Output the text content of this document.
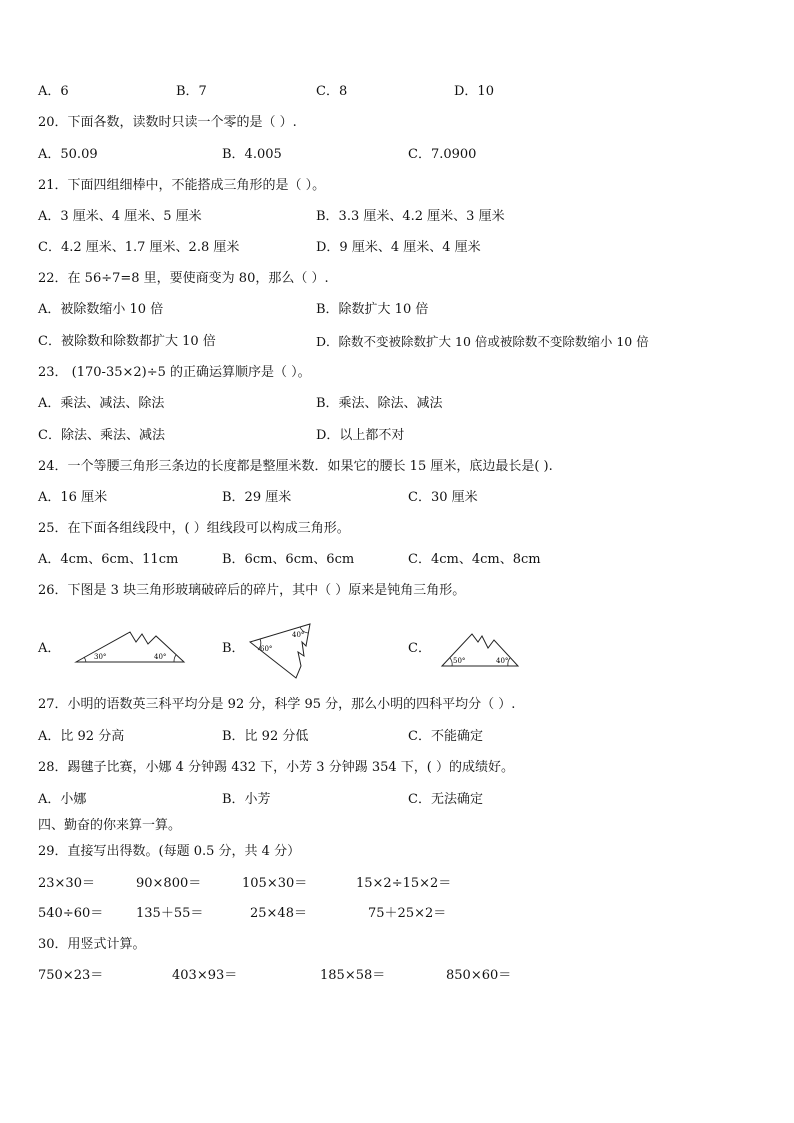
A．6	B．7	C．8	D．10
20．下面各数，读数时只读一个零的是（ ）.
A．50.09	B．4.005	C．7.0900
21．下面四组细棒中，不能搭成三角形的是（ ）。
A．3 厘米、4 厘米、5 厘米	B．3.3 厘米、4.2 厘米、3 厘米
C．4.2 厘米、1.7 厘米、2.8 厘米	D．9 厘米、4 厘米、4 厘米
22．在 56÷7=8 里，要使商变为 80，那么（ ）.
A．被除数缩小 10 倍	B．除数扩大 10 倍
C．被除数和除数都扩大 10 倍	D．除数不变被除数扩大 10 倍或被除数不变除数缩小 10 倍
23． (170-35×2)÷5 的正确运算顺序是（ ）。
A．乘法、减法、除法	B．乘法、除法、减法
C．除法、乘法、减法	D．以上都不对
24．一个等腰三角形三条边的长度都是整厘米数．如果它的腰长 15 厘米，底边最长是( ).
A．16 厘米	B．29 厘米	C．30 厘米
25．在下面各组线段中，( ）组线段可以构成三角形。
A．4cm、6cm、11cm	B．6cm、6cm、6cm	C．4cm、4cm、8cm
26．下图是 3 块三角形玻璃破碎后的碎片，其中（ ）原来是钝角三角形。
A．	B．	C．
30°	40°
60°
40°
50°	40°
27．小明的语数英三科平均分是 92 分，科学 95 分，那么小明的四科平均分（ ）.
A．比 92 分高	B．比 92 分低	C．不能确定
28．踢毽子比赛，小娜 4 分钟踢 432 下，小芳 3 分钟踢 354 下，( ）的成绩好。
A．小娜	B．小芳	C．无法确定
四、勤奋的你来算一算。
29．直接写出得数。(每题 0.5 分，共 4 分）
23×30＝	90×800＝	105×30＝	15×2÷15×2＝
540÷60＝	135＋55＝	25×48＝	75＋25×2＝
30．用竖式计算。
750×23＝	403×93＝	185×58＝	850×60＝
